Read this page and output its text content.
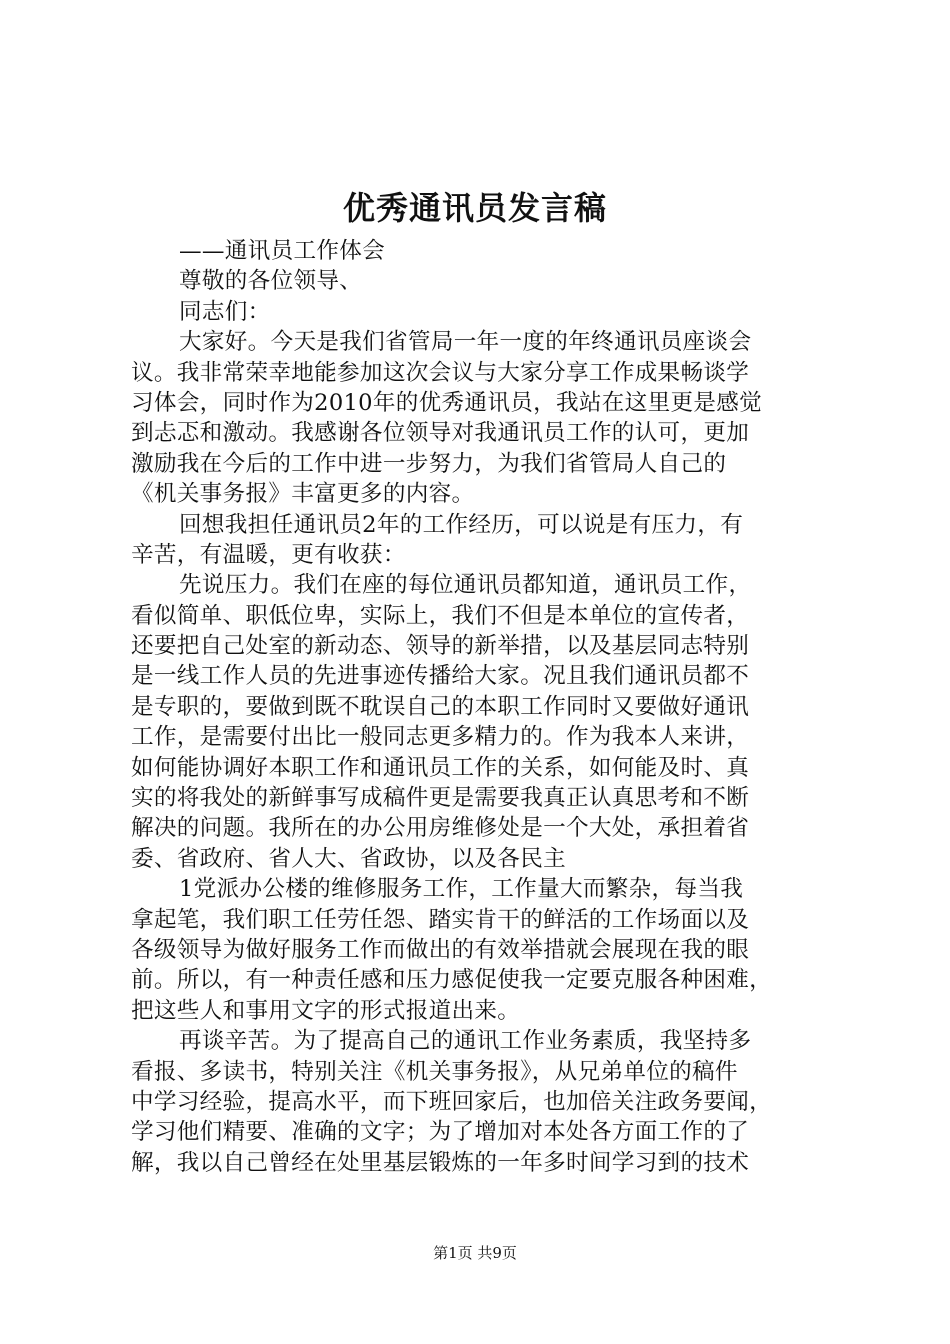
优秀通讯员发言稿
——通讯员工作体会
尊敬的各位领导、
同志们：
大家好。今天是我们省管局一年一度的年终通讯员座谈会
议。我非常荣幸地能参加这次会议与大家分享工作成果畅谈学
习体会，同时作为2010年的优秀通讯员，我站在这里更是感觉
到忐忑和激动。我感谢各位领导对我通讯员工作的认可，更加
激励我在今后的工作中进一步努力，为我们省管局人自己的
《机关事务报》丰富更多的内容。
回想我担任通讯员2年的工作经历，可以说是有压力，有
辛苦，有温暖，更有收获：
先说压力。我们在座的每位通讯员都知道，通讯员工作，
看似简单、职低位卑，实际上，我们不但是本单位的宣传者，
还要把自己处室的新动态、领导的新举措，以及基层同志特别
是一线工作人员的先进事迹传播给大家。况且我们通讯员都不
是专职的，要做到既不耽误自己的本职工作同时又要做好通讯
工作，是需要付出比一般同志更多精力的。作为我本人来讲，
如何能协调好本职工作和通讯员工作的关系，如何能及时、真
实的将我处的新鲜事写成稿件更是需要我真正认真思考和不断
解决的问题。我所在的办公用房维修处是一个大处，承担着省
委、省政府、省人大、省政协，以及各民主
1党派办公楼的维修服务工作，工作量大而繁杂，每当我
拿起笔，我们职工任劳任怨、踏实肯干的鲜活的工作场面以及
各级领导为做好服务工作而做出的有效举措就会展现在我的眼
前。所以，有一种责任感和压力感促使我一定要克服各种困难，
把这些人和事用文字的形式报道出来。
再谈辛苦。为了提高自己的通讯工作业务素质，我坚持多
看报、多读书，特别关注《机关事务报》，从兄弟单位的稿件
中学习经验，提高水平，而下班回家后，也加倍关注政务要闻，
学习他们精要、准确的文字；为了增加对本处各方面工作的了
解，我以自己曾经在处里基层锻炼的一年多时间学习到的技术
第1页 共9页
